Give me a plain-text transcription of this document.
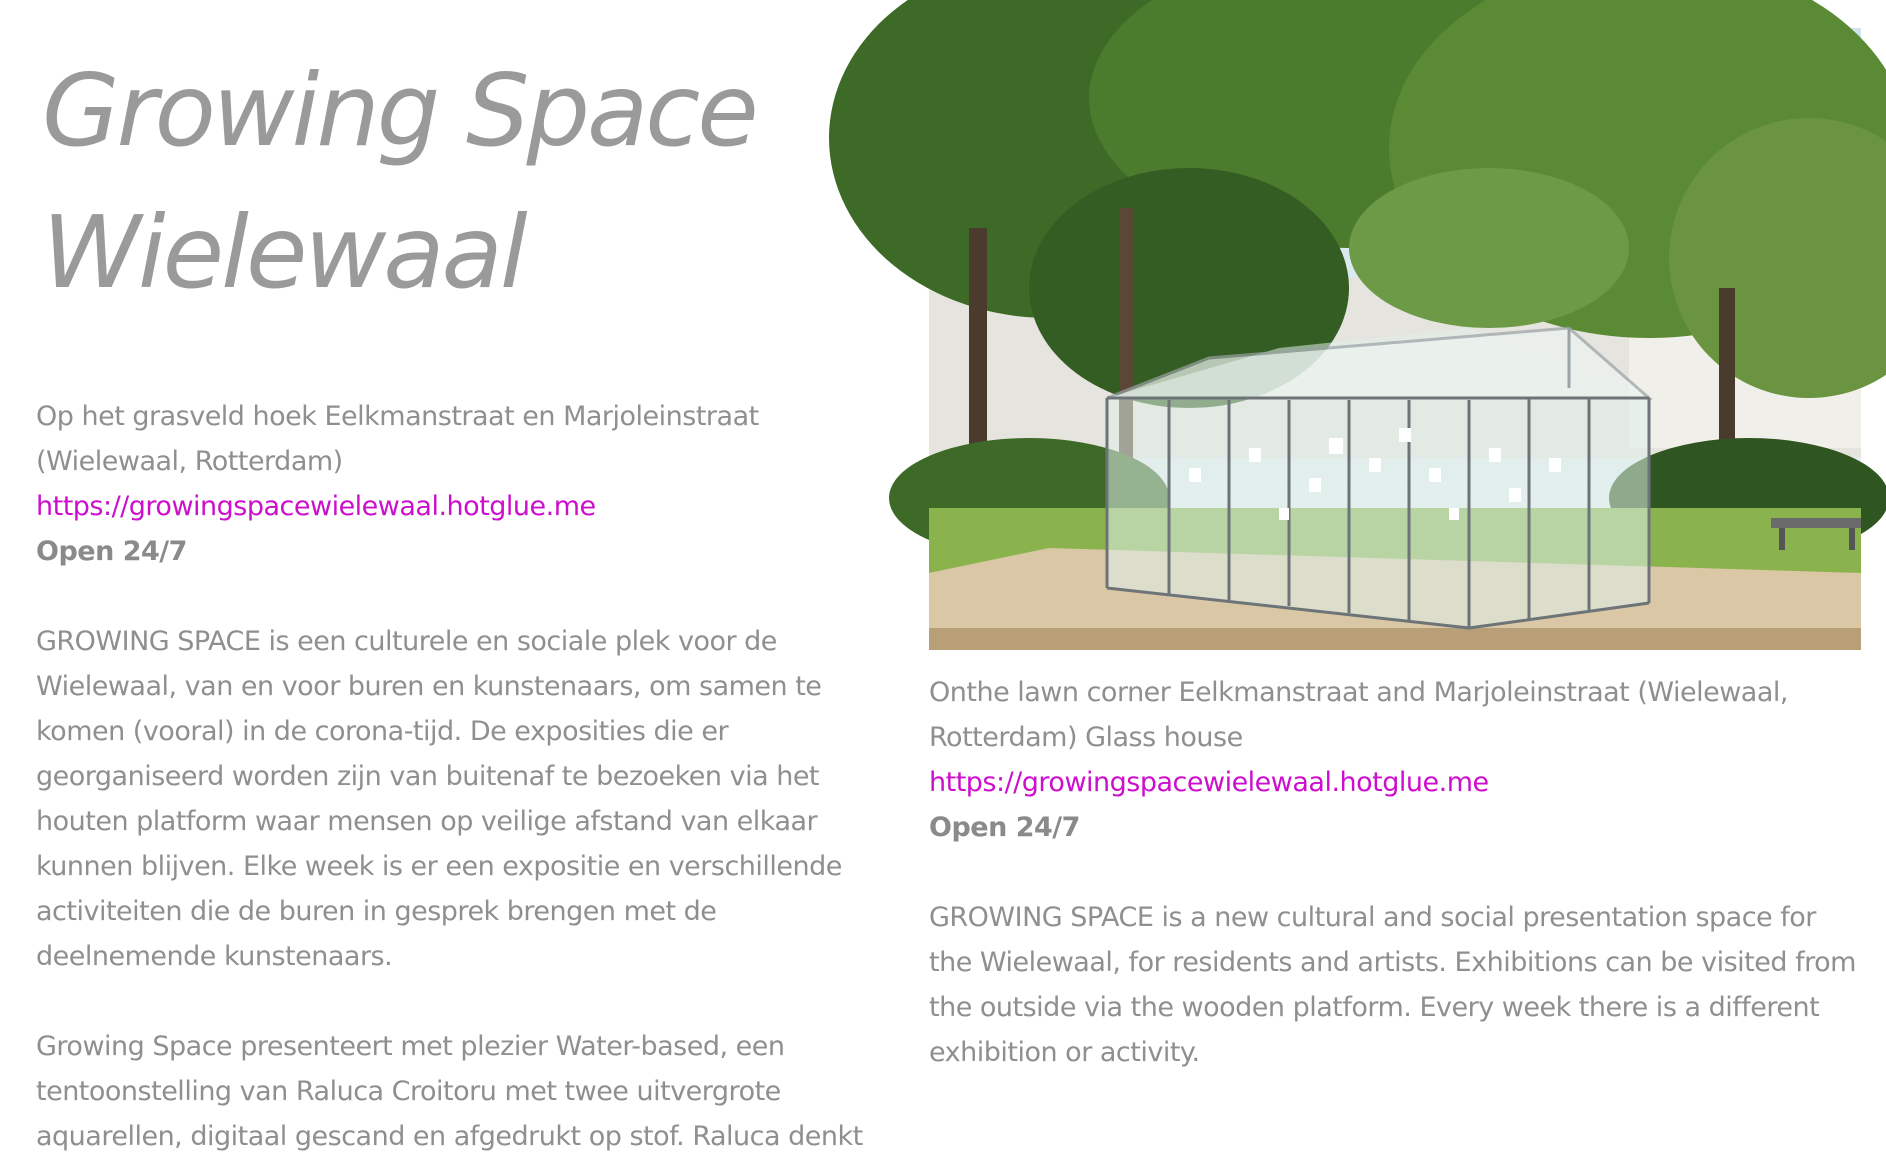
Growing Space
Wielewaal

Op het grasveld hoek Eelkmanstraat en Marjoleinstraat (Wielewaal, Rotterdam)

https://growingspacewielewaal.hotglue.me

Open 24/7

GROWING SPACE is een culturele en sociale plek voor de Wielewaal, van en voor buren en kunstenaars, om samen te komen (vooral) in de corona-tijd. De exposities die er georganiseerd worden zijn van buitenaf te bezoeken via het houten platform waar mensen op veilige afstand van elkaar kunnen blijven. Elke week is er een expositie en verschillende activiteiten die de buren in gesprek brengen met de deelnemende kunstenaars.

Growing Space presenteert met plezier Water-based, een tentoonstelling van Raluca Croitoru met twee uitvergrote aquarellen, digitaal gescand en afgedrukt op stof. Raluca denkt

Onthe lawn corner Eelkmanstraat and Marjoleinstraat (Wielewaal, Rotterdam) Glass house

https://growingspacewielewaal.hotglue.me

Open 24/7

GROWING SPACE is a new cultural and social presentation space for the Wielewaal, for residents and artists. Exhibitions can be visited from the outside via the wooden platform. Every week there is a different exhibition or activity.
